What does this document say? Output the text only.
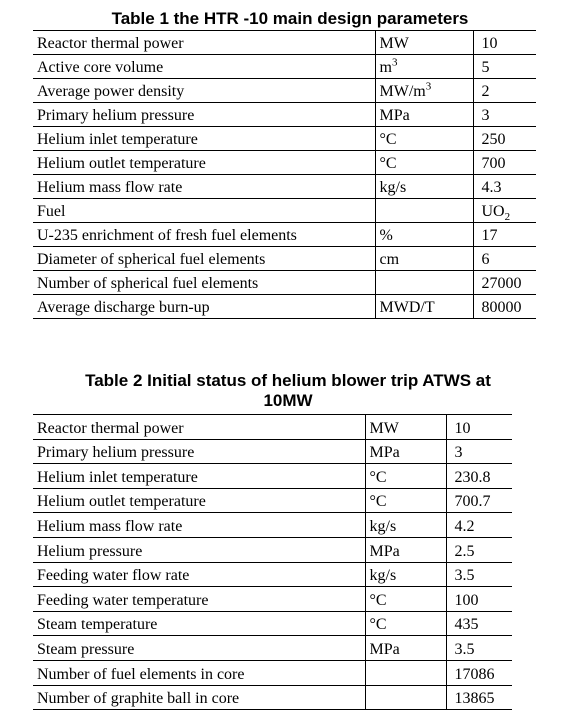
Table 1 the HTR -10 main design parameters
Reactor thermal power	MW	10
Active core volume	$m^3$	5
Average power density	$MW/m^3$	2
Primary helium pressure	MPa	3
Helium inlet temperature	°C	250
Helium outlet temperature	°C	700
Helium mass flow rate	kg/s	4.3
Fuel		$UO_2$
U-235 enrichment of fresh fuel elements	%	17
Diameter of spherical fuel elements	cm	6
Number of spherical fuel elements		27000
Average discharge burn-up	MWD/T	80000
Table 2 Initial status of helium blower trip ATWS at
10MW
Reactor thermal power	MW	10
Primary helium pressure	MPa	3
Helium inlet temperature	°C	230.8
Helium outlet temperature	°C	700.7
Helium mass flow rate	kg/s	4.2
Helium pressure	MPa	2.5
Feeding water flow rate	kg/s	3.5
Feeding water temperature	°C	100
Steam temperature	°C	435
Steam pressure	MPa	3.5
Number of fuel elements in core		17086
Number of graphite ball in core		13865
